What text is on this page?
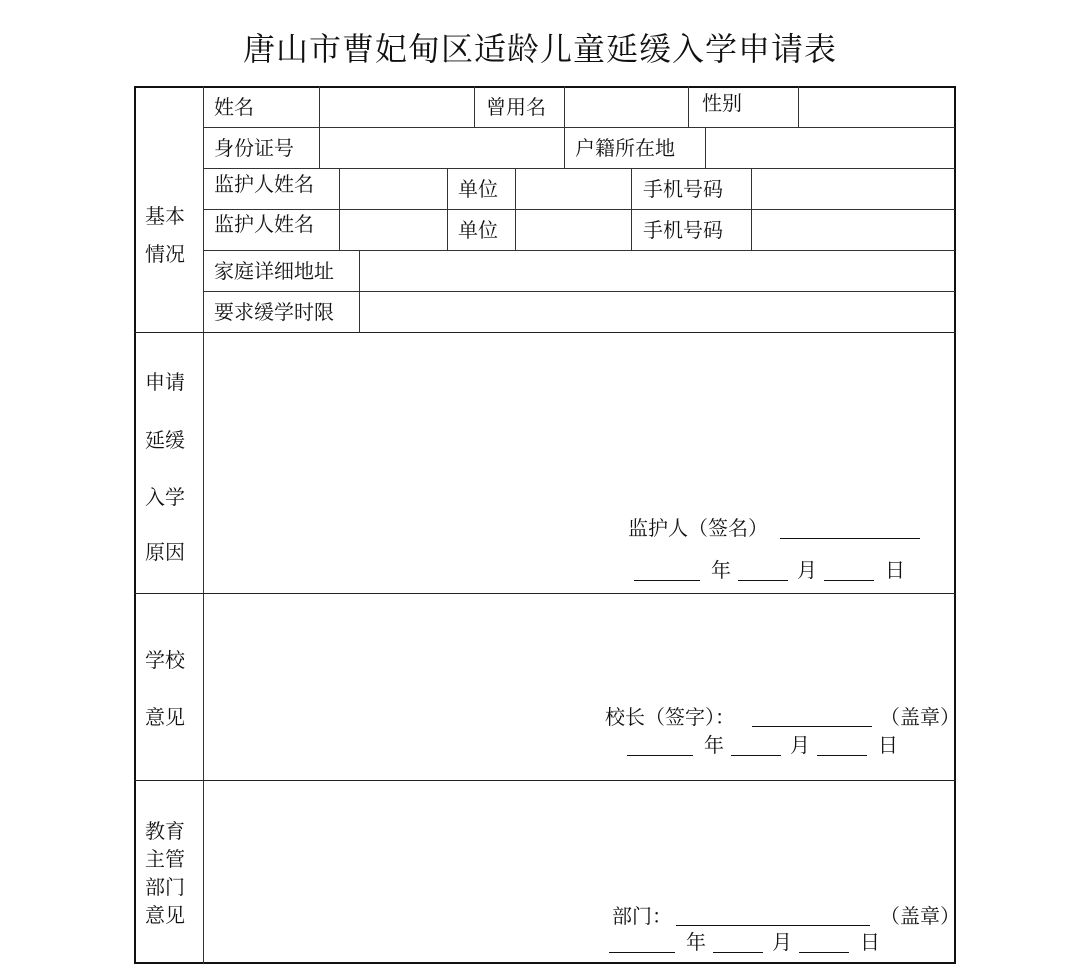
唐山市曹妃甸区适龄儿童延缓入学申请表
基本
情况
姓名	曾用名	性别
身份证号	户籍所在地
监护人姓名	单位	手机号码
监护人姓名	单位	手机号码
家庭详细地址
要求缓学时限
申请
延缓
入学
原因
监护人（签名）
年	月	日
学校
意见	校长（签字）：	（盖章）
年	月	日
教育
主管
部门
意见	部门：	（盖章）
年	月	日
